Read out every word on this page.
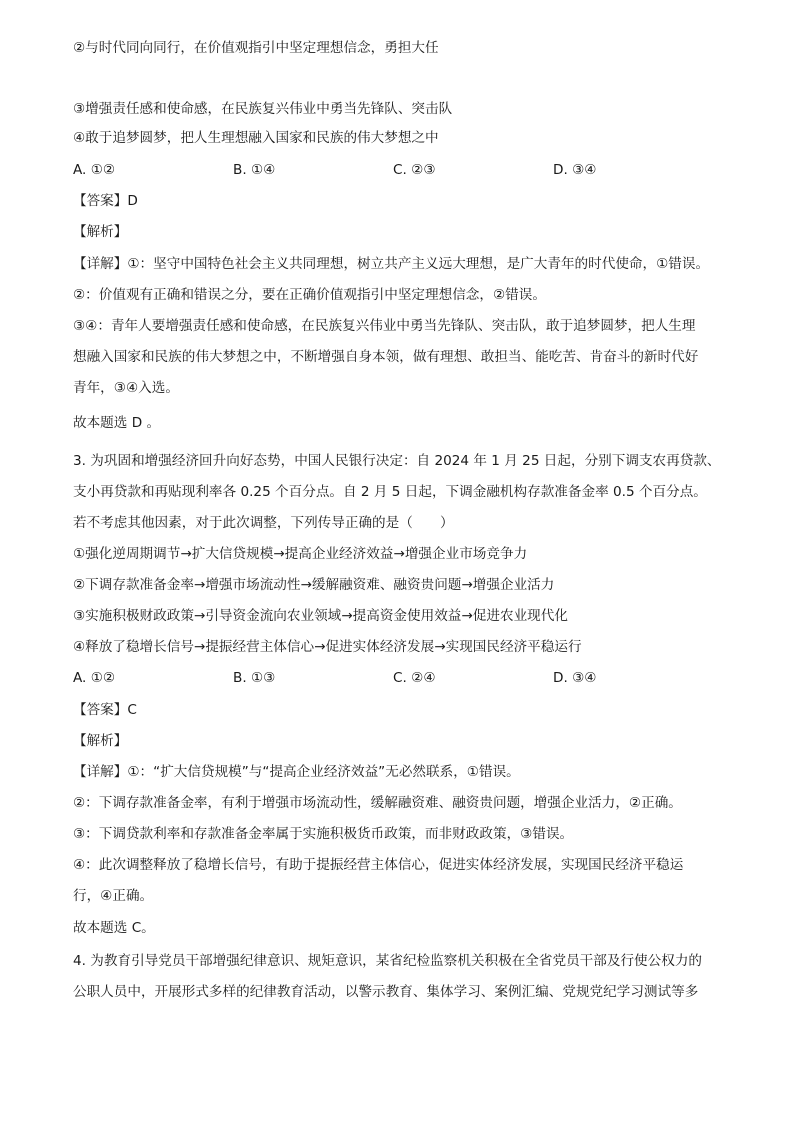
②与时代同向同行，在价值观指引中坚定理想信念，勇担大任
③增强责任感和使命感，在民族复兴伟业中勇当先锋队、突击队
④敢于追梦圆梦，把人生理想融入国家和民族的伟大梦想之中
A. ①②	B. ①④	C. ②③	D. ③④
【答案】D
【解析】
【详解】①：坚守中国特色社会主义共同理想，树立共产主义远大理想，是广大青年的时代使命，①错误。
②：价值观有正确和错误之分，要在正确价值观指引中坚定理想信念，②错误。
③④：青年人要增强责任感和使命感，在民族复兴伟业中勇当先锋队、突击队，敢于追梦圆梦，把人生理
想融入国家和民族的伟大梦想之中，不断增强自身本领，做有理想、敢担当、能吃苦、肯奋斗的新时代好
青年，③④入选。
故本题选 D 。
3. 为巩固和增强经济回升向好态势，中国人民银行决定：自 2024 年 1 月 25 日起，分别下调支农再贷款、
支小再贷款和再贴现利率各 0.25 个百分点。自 2 月 5 日起，下调金融机构存款准备金率 0.5 个百分点。
若不考虑其他因素，对于此次调整，下列传导正确的是（　　）
①强化逆周期调节→扩大信贷规模→提高企业经济效益→增强企业市场竞争力
②下调存款准备金率→增强市场流动性→缓解融资难、融资贵问题→增强企业活力
③实施积极财政政策→引导资金流向农业领域→提高资金使用效益→促进农业现代化
④释放了稳增长信号→提振经营主体信心→促进实体经济发展→实现国民经济平稳运行
A. ①②	B. ①③	C. ②④	D. ③④
【答案】C
【解析】
【详解】①：“扩大信贷规模”与“提高企业经济效益”无必然联系，①错误。
②：下调存款准备金率，有利于增强市场流动性，缓解融资难、融资贵问题，增强企业活力，②正确。
③：下调贷款利率和存款准备金率属于实施积极货币政策，而非财政政策，③错误。
④：此次调整释放了稳增长信号，有助于提振经营主体信心，促进实体经济发展，实现国民经济平稳运
行，④正确。
故本题选 C。
4. 为教育引导党员干部增强纪律意识、规矩意识，某省纪检监察机关积极在全省党员干部及行使公权力的
公职人员中，开展形式多样的纪律教育活动，以警示教育、集体学习、案例汇编、党规党纪学习测试等多
